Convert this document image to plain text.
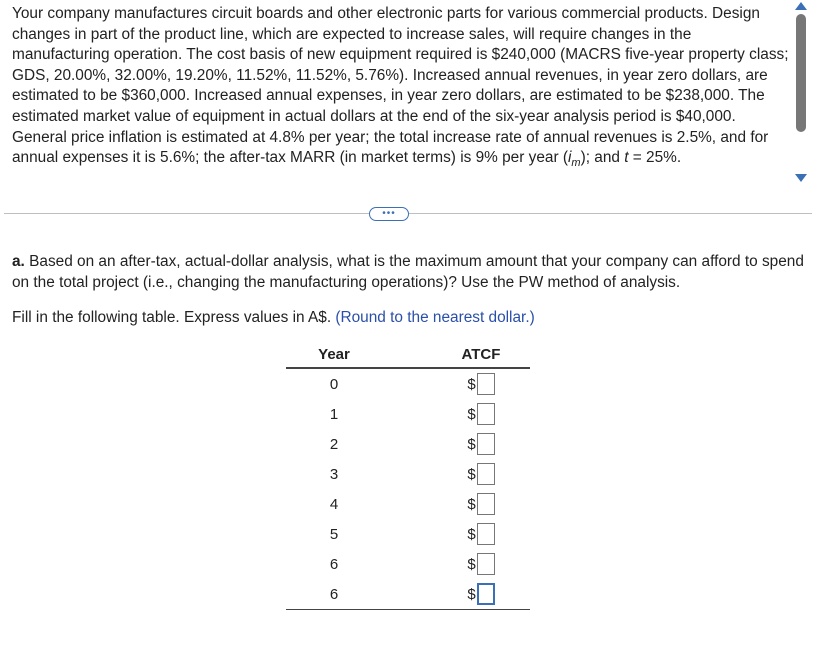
Your company manufactures circuit boards and other electronic parts for various commercial products. Design changes in part of the product line, which are expected to increase sales, will require changes in the manufacturing operation. The cost basis of new equipment required is $240,000 (MACRS five-year property class; GDS, 20.00%, 32.00%, 19.20%, 11.52%, 11.52%, 5.76%). Increased annual revenues, in year zero dollars, are estimated to be $360,000. Increased annual expenses, in year zero dollars, are estimated to be $238,000. The estimated market value of equipment in actual dollars at the end of the six-year analysis period is $40,000. General price inflation is estimated at 4.8% per year; the total increase rate of annual revenues is 2.5%, and for annual expenses it is 5.6%; the after-tax MARR (in market terms) is 9% per year $(i_m)$; and t = 25%.

•••
a. Based on an after-tax, actual-dollar analysis, what is the maximum amount that your company can afford to spend on the total project (i.e., changing the manufacturing operations)? Use the PW method of analysis.
Fill in the following table. Express values in A$. (Round to the nearest dollar.)
Year		ATCF
0		$

1		$

2		$

3		$

4		$

5		$

6		$

6		$
